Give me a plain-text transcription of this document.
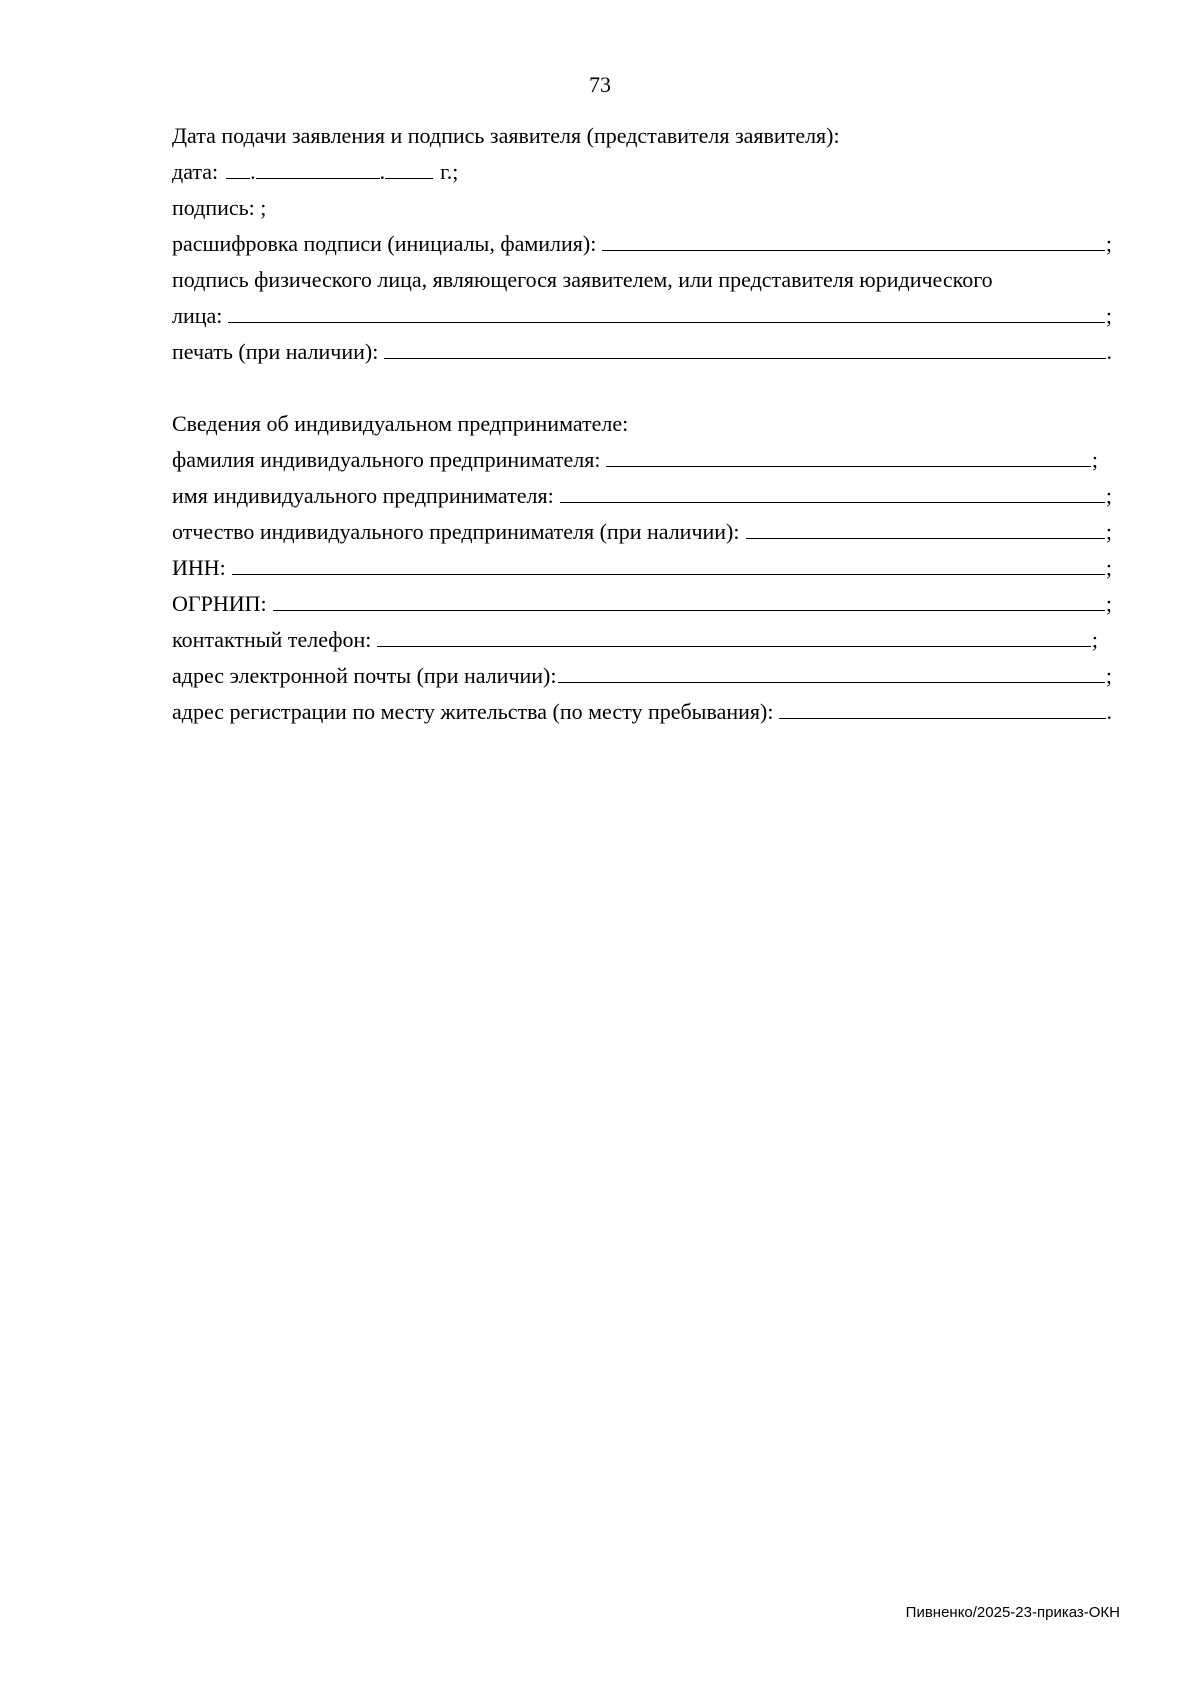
73
Дата подачи заявления и подпись заявителя (представителя заявителя):
дата: .	.	г.;
подпись: ;
расшифровка подписи (инициалы, фамилия):	;
подпись физического лица, являющегося заявителем, или представителя юридического
лица:	;
печать (при наличии):	.
Сведения об индивидуальном предпринимателе:
фамилия индивидуального предпринимателя:	;
имя индивидуального предпринимателя:	;
отчество индивидуального предпринимателя (при наличии):	;
ИНН:	;
ОГРНИП:	;
контактный телефон:	;
адрес электронной почты (при наличии):	;
адрес регистрации по месту жительства (по месту пребывания):	.
Пивненко/2025-23-приказ-ОКН
